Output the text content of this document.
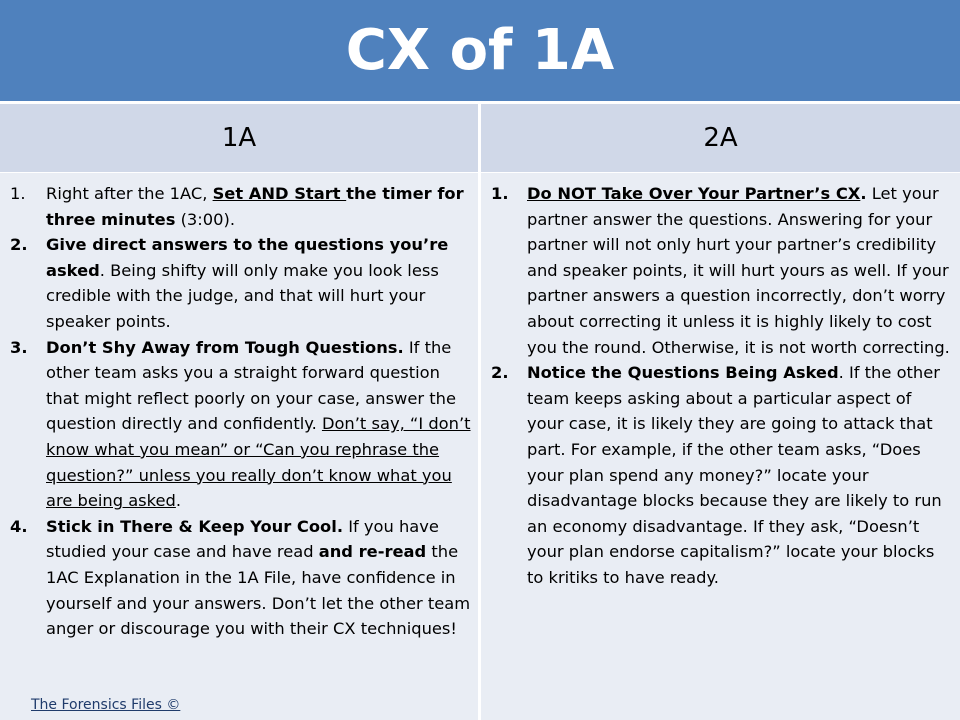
CX of 1A
1A	2A
1. Right after the 1AC, Set AND Start the timer for three minutes (3:00).
2. Give direct answers to the questions you’re asked. Being shifty will only make you look less credible with the judge, and that will hurt your speaker points.
3. Don’t Shy Away from Tough Questions. If the other team asks you a straight forward question that might reflect poorly on your case, answer the question directly and confidently. Don’t say, “I don’t know what you mean” or “Can you rephrase the question?” unless you really don’t know what you are being asked.
4. Stick in There & Keep Your Cool. If you have studied your case and have read and re-read the 1AC Explanation in the 1A File, have confidence in yourself and your answers. Don’t let the other team anger or discourage you with their CX techniques!
1. Do NOT Take Over Your Partner’s CX. Let your partner answer the questions. Answering for your partner will not only hurt your partner’s credibility and speaker points, it will hurt yours as well. If your partner answers a question incorrectly, don’t worry about correcting it unless it is highly likely to cost you the round. Otherwise, it is not worth correcting.
2. Notice the Questions Being Asked. If the other team keeps asking about a particular aspect of your case, it is likely they are going to attack that part. For example, if the other team asks, “Does your plan spend any money?” locate your disadvantage blocks because they are likely to run an economy disadvantage. If they ask, “Doesn’t your plan endorse capitalism?” locate your blocks to kritiks to have ready.
The Forensics Files ©
